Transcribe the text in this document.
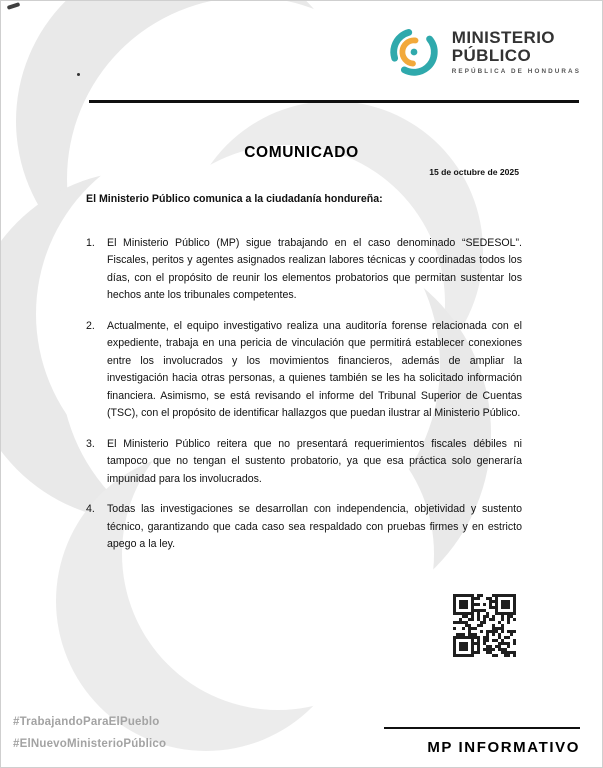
MINISTERIO
PÚBLICO
REPÚBLICA DE HONDURAS
COMUNICADO
15 de octubre de 2025
El Ministerio Público comunica a la ciudadanía hondureña:
1.	El Ministerio Público (MP) sigue trabajando en el caso denominado “SEDESOL”. Fiscales, peritos y agentes asignados realizan labores técnicas y coordinadas todos los días, con el propósito de reunir los elementos probatorios que permitan sustentar los hechos ante los tribunales competentes.
2.	Actualmente, el equipo investigativo realiza una auditoría forense relacionada con el expediente, trabaja en una pericia de vinculación que permitirá establecer conexiones entre los involucrados y los movimientos financieros, además de ampliar la investigación hacia otras personas, a quienes también se les ha solicitado información financiera. Asimismo, se está revisando el informe del Tribunal Superior de Cuentas (TSC), con el propósito de identificar hallazgos que puedan ilustrar al Ministerio Público.
3.	El Ministerio Público reitera que no presentará requerimientos fiscales débiles ni tampoco que no tengan el sustento probatorio, ya que esa práctica solo generaría impunidad para los involucrados.
4.	Todas las investigaciones se desarrollan con independencia, objetividad y sustento técnico, garantizando que cada caso sea respaldado con pruebas firmes y en estricto apego a la ley.
#TrabajandoParaElPueblo
#ElNuevoMinisterioPúblico	MP INFORMATIVO
